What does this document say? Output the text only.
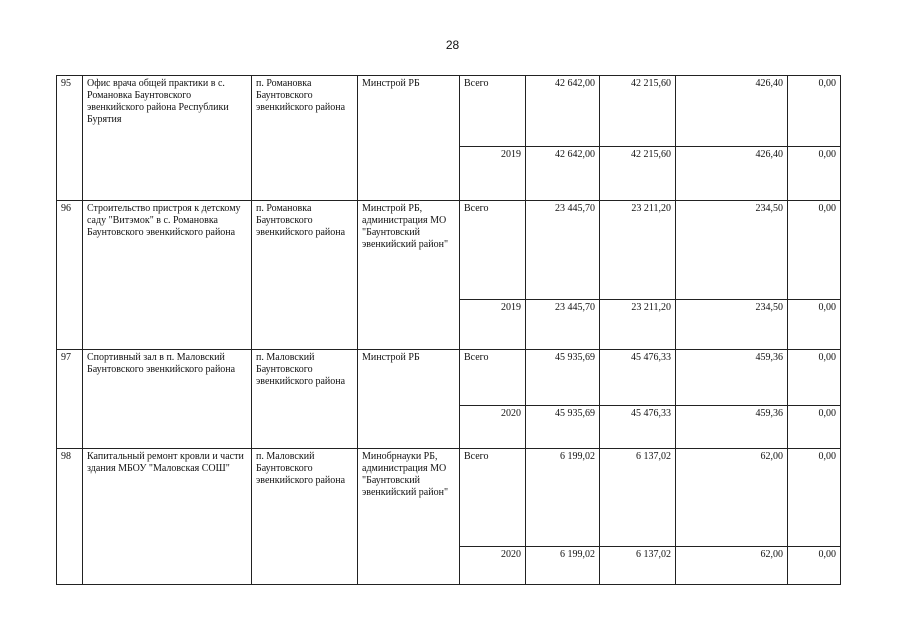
28
95	Офис врача общей практики в с. Романовка Баунтовского эвенкийского района Республики Бурятия	п. Романовка Баунтовского эвенкийского района	Минстрой РБ	Всего	42 642,00	42 215,60	426,40	0,00
				2019	42 642,00	42 215,60	426,40	0,00
96	Строительство пристроя к детскому саду "Витэмок" в с. Романовка Баунтовского эвенкийского района	п. Романовка Баунтовского эвенкийского района	Минстрой РБ, администрация МО "Баунтовский эвенкийский район"	Всего	23 445,70	23 211,20	234,50	0,00
				2019	23 445,70	23 211,20	234,50	0,00
97	Спортивный зал в п. Маловский Баунтовского эвенкийского района	п. Маловский Баунтовского эвенкийского района	Минстрой РБ	Всего	45 935,69	45 476,33	459,36	0,00
				2020	45 935,69	45 476,33	459,36	0,00
98	Капитальный ремонт кровли и части здания МБОУ "Маловская СОШ"	п. Маловский Баунтовского эвенкийского района	Минобрнауки РБ, администрация МО "Баунтовский эвенкийский район"	Всего	6 199,02	6 137,02	62,00	0,00
				2020	6 199,02	6 137,02	62,00	0,00
